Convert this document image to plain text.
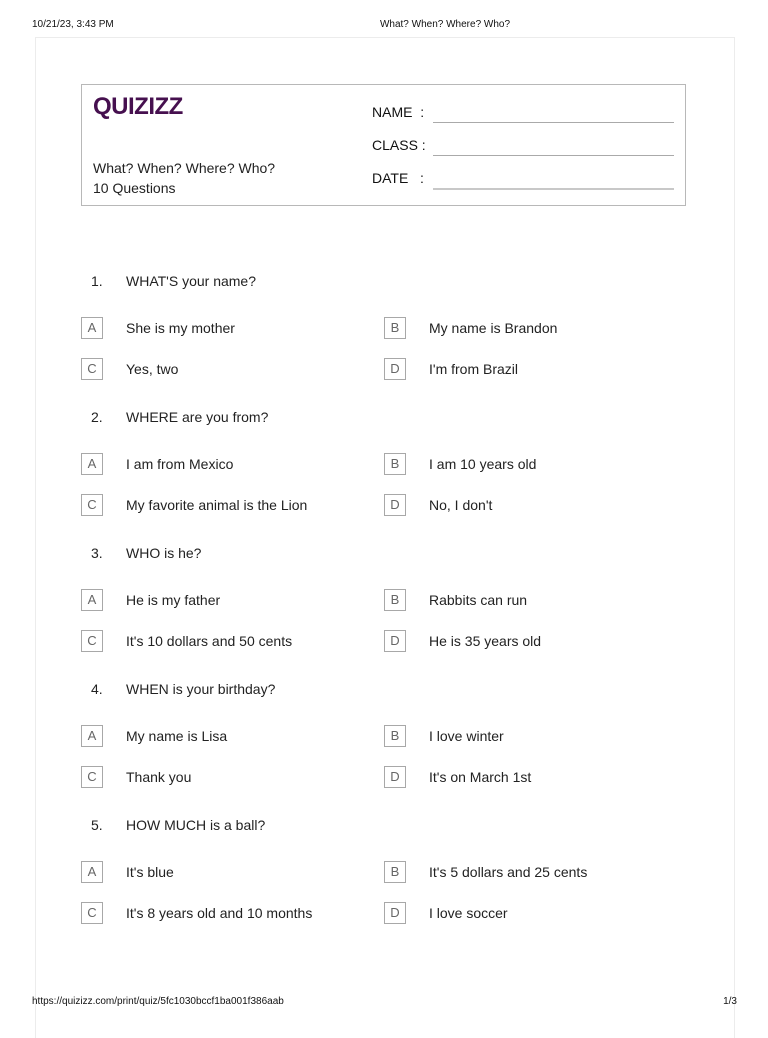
10/21/23, 3:43 PM	What? When? Where? Who?
QUIZIZZ
What? When? Where? Who?
10 Questions
NAME  :
CLASS :
DATE   :
1. WHAT'S your name?
A	She is my mother	B	My name is Brandon
C	Yes, two	D	I'm from Brazil
2. WHERE are you from?
A	I am from Mexico	B	I am 10 years old
C	My favorite animal is the Lion	D	No, I don't
3. WHO is he?
A	He is my father	B	Rabbits can run
C	It's 10 dollars and 50 cents	D	He is 35 years old
4. WHEN is your birthday?
A	My name is Lisa	B	I love winter
C	Thank you	D	It's on March 1st
5. HOW MUCH is a ball?
A	It's blue	B	It's 5 dollars and 25 cents
C	It's 8 years old and 10 months	D	I love soccer
https://quizizz.com/print/quiz/5fc1030bccf1ba001f386aab	1/3
